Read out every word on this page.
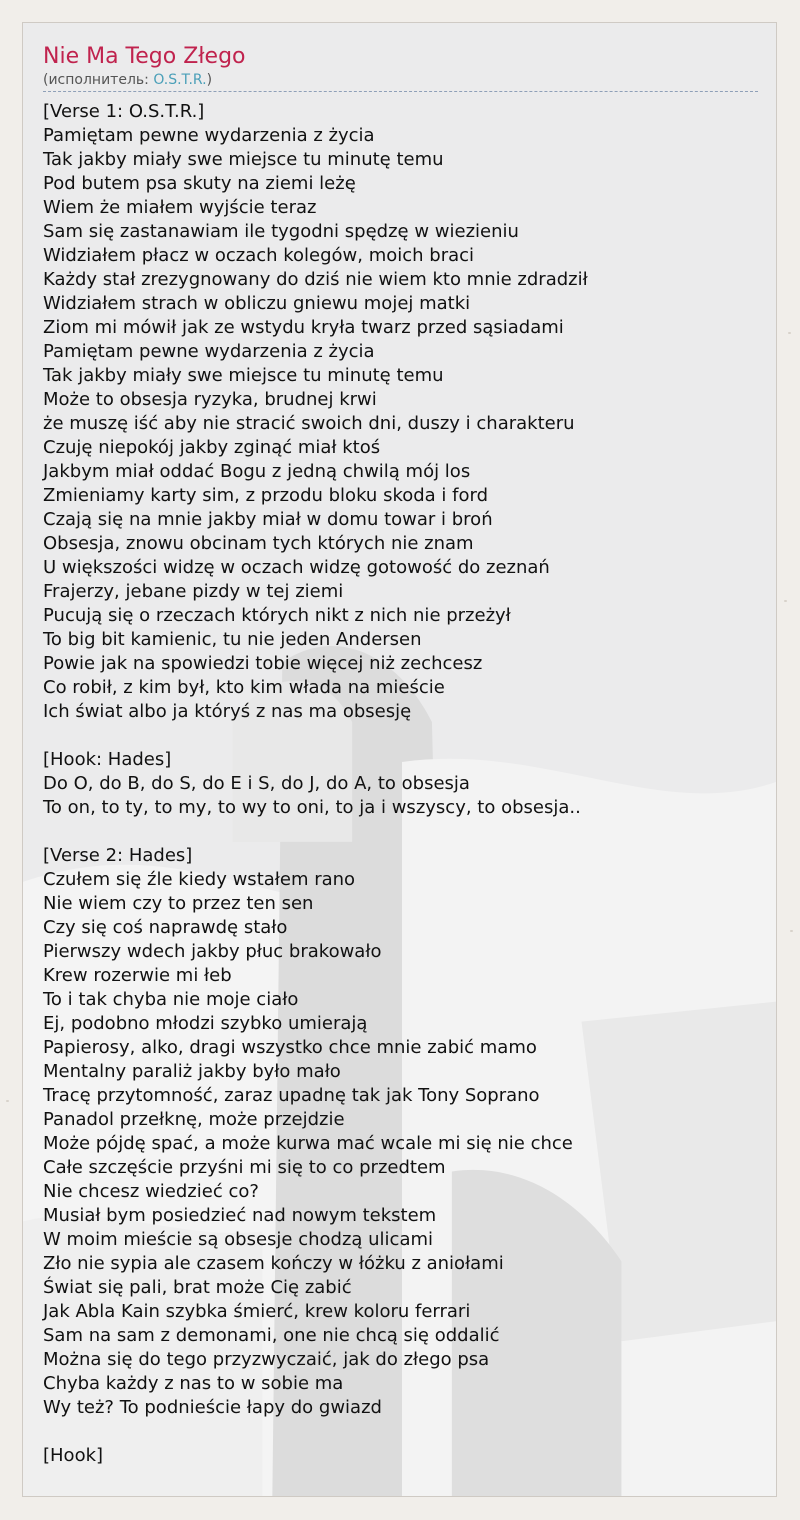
Nie Ma Tego Złego

(исполнитель: O.S.T.R.)

[Verse 1: O.S.T.R.]
Pamiętam pewne wydarzenia z życia
Tak jakby miały swe miejsce tu minutę temu
Pod butem psa skuty na ziemi leżę
Wiem że miałem wyjście teraz
Sam się zastanawiam ile tygodni spędzę w wiezieniu
Widziałem płacz w oczach kolegów, moich braci
Każdy stał zrezygnowany do dziś nie wiem kto mnie zdradził
Widziałem strach w obliczu gniewu mojej matki
Ziom mi mówił jak ze wstydu kryła twarz przed sąsiadami
Pamiętam pewne wydarzenia z życia
Tak jakby miały swe miejsce tu minutę temu
Może to obsesja ryzyka, brudnej krwi
że muszę iść aby nie stracić swoich dni, duszy i charakteru
Czuję niepokój jakby zginąć miał ktoś
Jakbym miał oddać Bogu z jedną chwilą mój los
Zmieniamy karty sim, z przodu bloku skoda i ford
Czają się na mnie jakby miał w domu towar i broń
Obsesja, znowu obcinam tych których nie znam
U większości widzę w oczach widzę gotowość do zeznań
Frajerzy, jebane pizdy w tej ziemi
Pucują się o rzeczach których nikt z nich nie przeżył
To big bit kamienic, tu nie jeden Andersen
Powie jak na spowiedzi tobie więcej niż zechcesz
Co robił, z kim był, kto kim włada na mieście
Ich świat albo ja któryś z nas ma obsesję
[Hook: Hades]
Do O, do B, do S, do E i S, do J, do A, to obsesja
To on, to ty, to my, to wy to oni, to ja i wszyscy, to obsesja..
[Verse 2: Hades]
Czułem się źle kiedy wstałem rano
Nie wiem czy to przez ten sen
Czy się coś naprawdę stało
Pierwszy wdech jakby płuc brakowało
Krew rozerwie mi łeb
To i tak chyba nie moje ciało
Ej, podobno młodzi szybko umierają
Papierosy, alko, dragi wszystko chce mnie zabić mamo
Mentalny paraliż jakby było mało
Tracę przytomność, zaraz upadnę tak jak Tony Soprano
Panadol przełknę, może przejdzie
Może pójdę spać, a może kurwa mać wcale mi się nie chce
Całe szczęście przyśni mi się to co przedtem
Nie chcesz wiedzieć co?
Musiał bym posiedzieć nad nowym tekstem
W moim mieście są obsesje chodzą ulicami
Zło nie sypia ale czasem kończy w łóżku z aniołami
Świat się pali, brat może Cię zabić
Jak Abla Kain szybka śmierć, krew koloru ferrari
Sam na sam z demonami, one nie chcą się oddalić
Można się do tego przyzwyczaić, jak do złego psa
Chyba każdy z nas to w sobie ma
Wy też? To podnieście łapy do gwiazd
[Hook]
